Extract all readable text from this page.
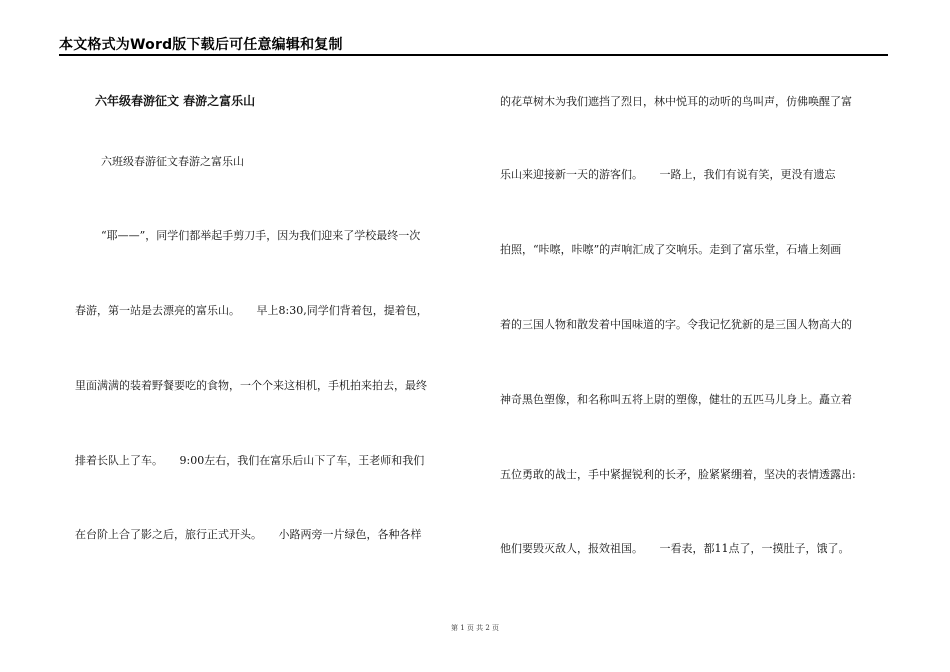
本文格式为Word版下载后可任意编辑和复制
六年级春游征文 春游之富乐山
六班级春游征文春游之富乐山
“耶——”，同学们都举起手剪刀手，因为我们迎来了学校最终一次
春游，第一站是去漂亮的富乐山。　　早上8:30,同学们背着包，提着包，
里面满满的装着野餐要吃的食物，一个个来这相机，手机拍来拍去，最终
排着长队上了车。　　9:00左右，我们在富乐后山下了车，王老师和我们
在台阶上合了影之后，旅行正式开头。　　小路两旁一片绿色，各种各样
的花草树木为我们遮挡了烈日，林中悦耳的动听的鸟叫声，仿佛唤醒了富
乐山来迎接新一天的游客们。　　一路上，我们有说有笑，更没有遗忘
拍照，“咔嚓，咔嚓”的声响汇成了交响乐。走到了富乐堂，石墙上刻画
着的三国人物和散发着中国味道的字。令我记忆犹新的是三国人物高大的
神奇黑色塑像，和名称叫五将上尉的塑像，健壮的五匹马儿身上。矗立着
五位勇敢的战士，手中紧握锐利的长矛，脸紧紧绷着，坚决的表情透露出:
他们要毁灭敌人，报效祖国。　　一看表，都11点了，一摸肚子，饿了。
第 1 页 共 2 页
